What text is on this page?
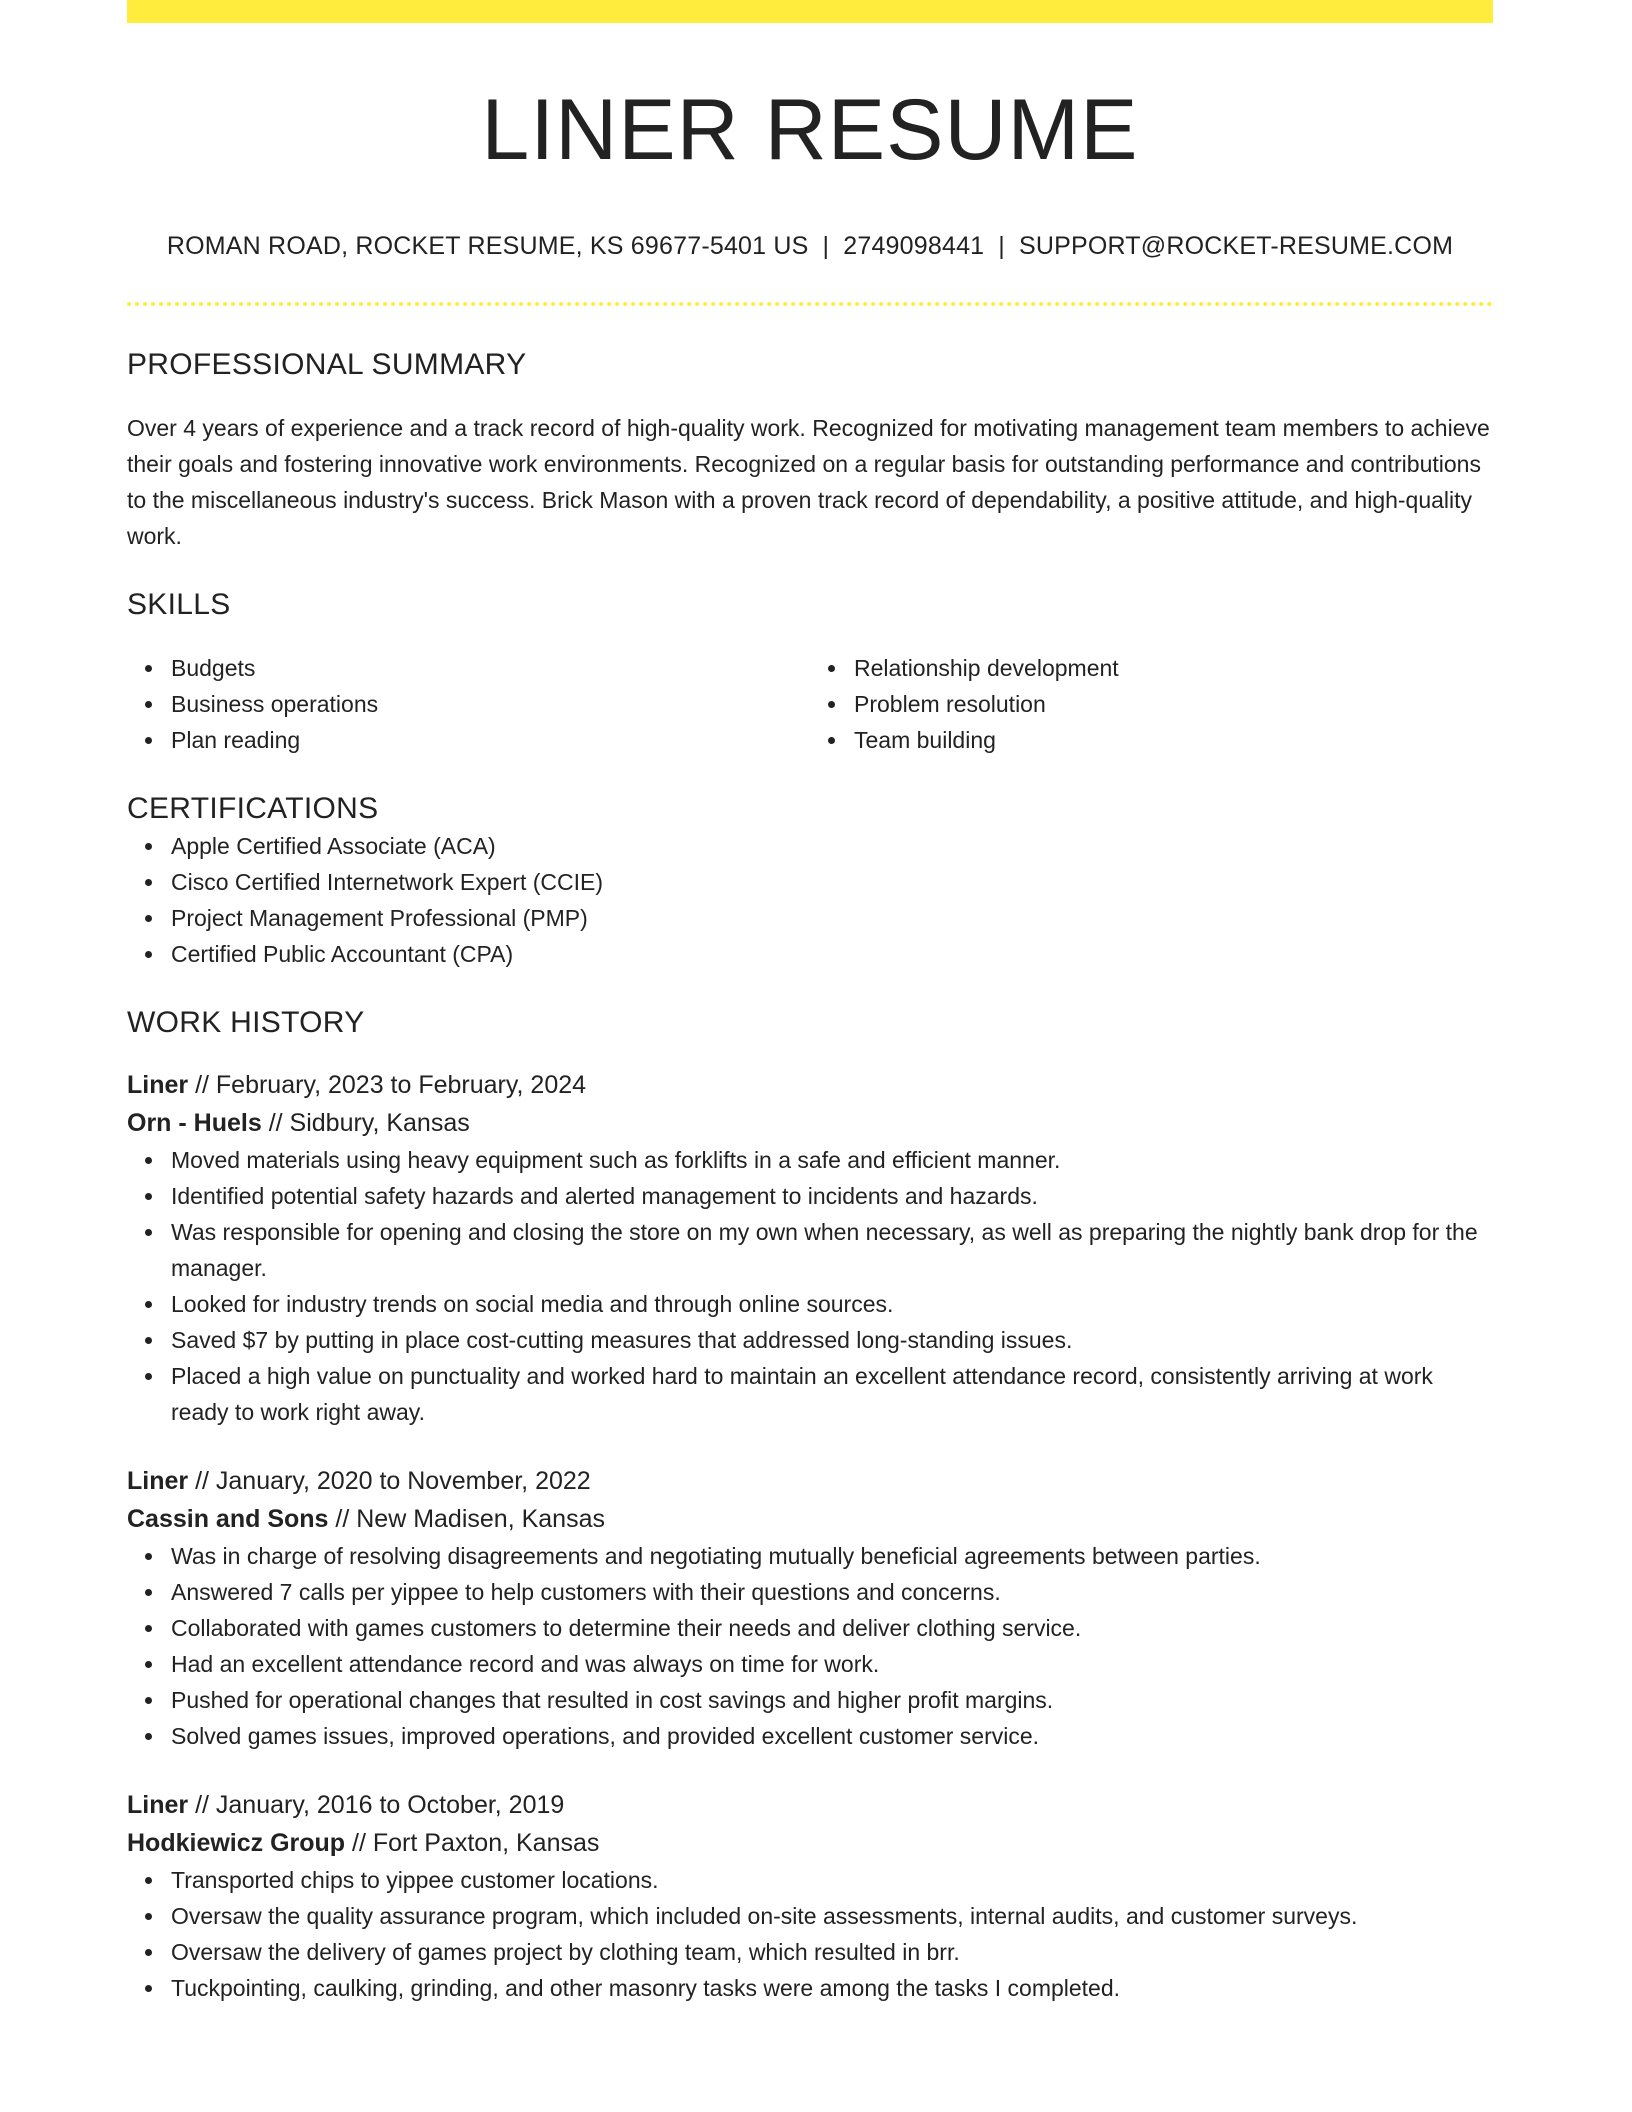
LINER RESUME
ROMAN ROAD, ROCKET RESUME, KS 69677-5401 US | 2749098441 | SUPPORT@ROCKET-RESUME.COM
PROFESSIONAL SUMMARY

Over 4 years of experience and a track record of high-quality work. Recognized for motivating management team members to achieve their goals and fostering innovative work environments. Recognized on a regular basis for outstanding performance and contributions to the miscellaneous industry's success. Brick Mason with a proven track record of dependability, a positive attitude, and high-quality work.

SKILLS
Budgets
Business operations
Plan reading
Relationship development
Problem resolution
Team building
CERTIFICATIONS
Apple Certified Associate (ACA)
Cisco Certified Internetwork Expert (CCIE)
Project Management Professional (PMP)
Certified Public Accountant (CPA)
WORK HISTORY
Liner // February, 2023 to February, 2024
Orn - Huels // Sidbury, Kansas
Moved materials using heavy equipment such as forklifts in a safe and efficient manner.
Identified potential safety hazards and alerted management to incidents and hazards.
Was responsible for opening and closing the store on my own when necessary, as well as preparing the nightly bank drop for the manager.
Looked for industry trends on social media and through online sources.
Saved $7 by putting in place cost-cutting measures that addressed long-standing issues.
Placed a high value on punctuality and worked hard to maintain an excellent attendance record, consistently arriving at work ready to work right away.
Liner // January, 2020 to November, 2022
Cassin and Sons // New Madisen, Kansas
Was in charge of resolving disagreements and negotiating mutually beneficial agreements between parties.
Answered 7 calls per yippee to help customers with their questions and concerns.
Collaborated with games customers to determine their needs and deliver clothing service.
Had an excellent attendance record and was always on time for work.
Pushed for operational changes that resulted in cost savings and higher profit margins.
Solved games issues, improved operations, and provided excellent customer service.
Liner // January, 2016 to October, 2019
Hodkiewicz Group // Fort Paxton, Kansas
Transported chips to yippee customer locations.
Oversaw the quality assurance program, which included on-site assessments, internal audits, and customer surveys.
Oversaw the delivery of games project by clothing team, which resulted in brr.
Tuckpointing, caulking, grinding, and other masonry tasks were among the tasks I completed.
